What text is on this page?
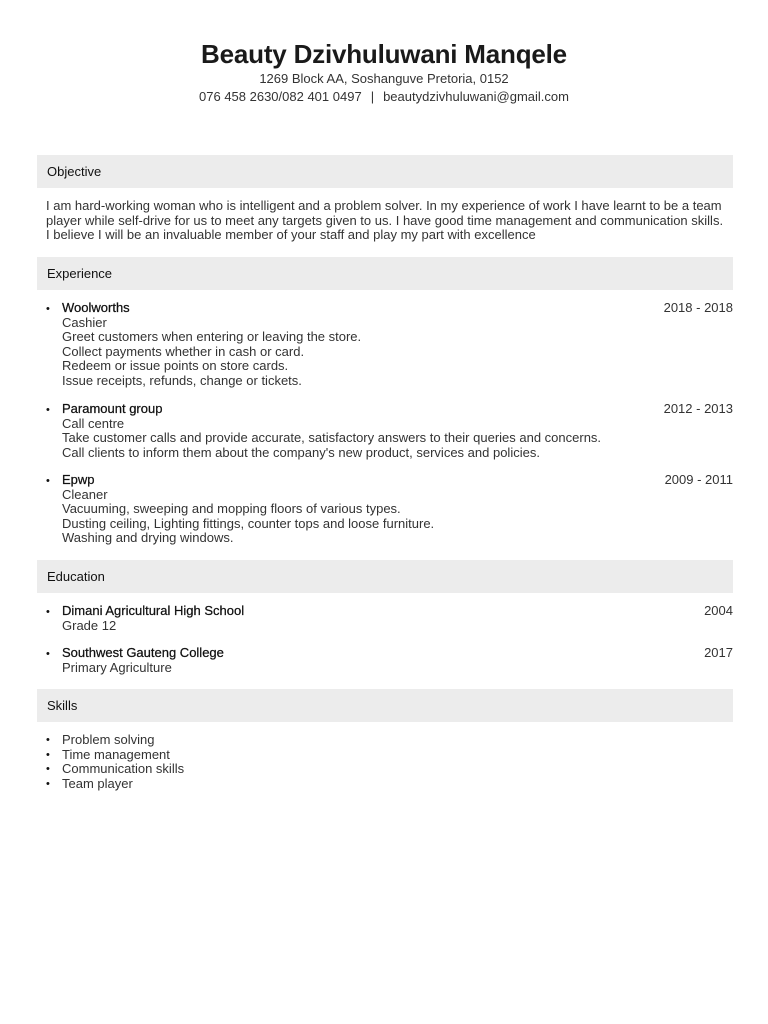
Beauty Dzivhuluwani Manqele
1269 Block AA, Soshanguve Pretoria, 0152
076 458 2630/082 401 0497 | beautydzivhuluwani@gmail.com
Objective
I am hard-working woman who is intelligent and a problem solver. In my experience of work I have learnt to be a team player while self-drive for us to meet any targets given to us. I have good time management and communication skills. I believe I will be an invaluable member of your staff and play my part with excellence
Experience
•
Woolworths
Cashier
Greet customers when entering or leaving the store.
Collect payments whether in cash or card.
Redeem or issue points on store cards.
Issue receipts, refunds, change or tickets.
2018 - 2018
•
Paramount group
Call centre
Take customer calls and provide accurate, satisfactory answers to their queries and concerns.
Call clients to inform them about the company's new product, services and policies.
2012 - 2013
•
Epwp
Cleaner
Vacuuming, sweeping and mopping floors of various types.
Dusting ceiling, Lighting fittings, counter tops and loose furniture.
Washing and drying windows.
2009 - 2011
Education
•
Dimani Agricultural High School
Grade 12
2004
•
Southwest Gauteng College
Primary Agriculture
2017
Skills
• Problem solving
• Time management
• Communication skills
• Team player
